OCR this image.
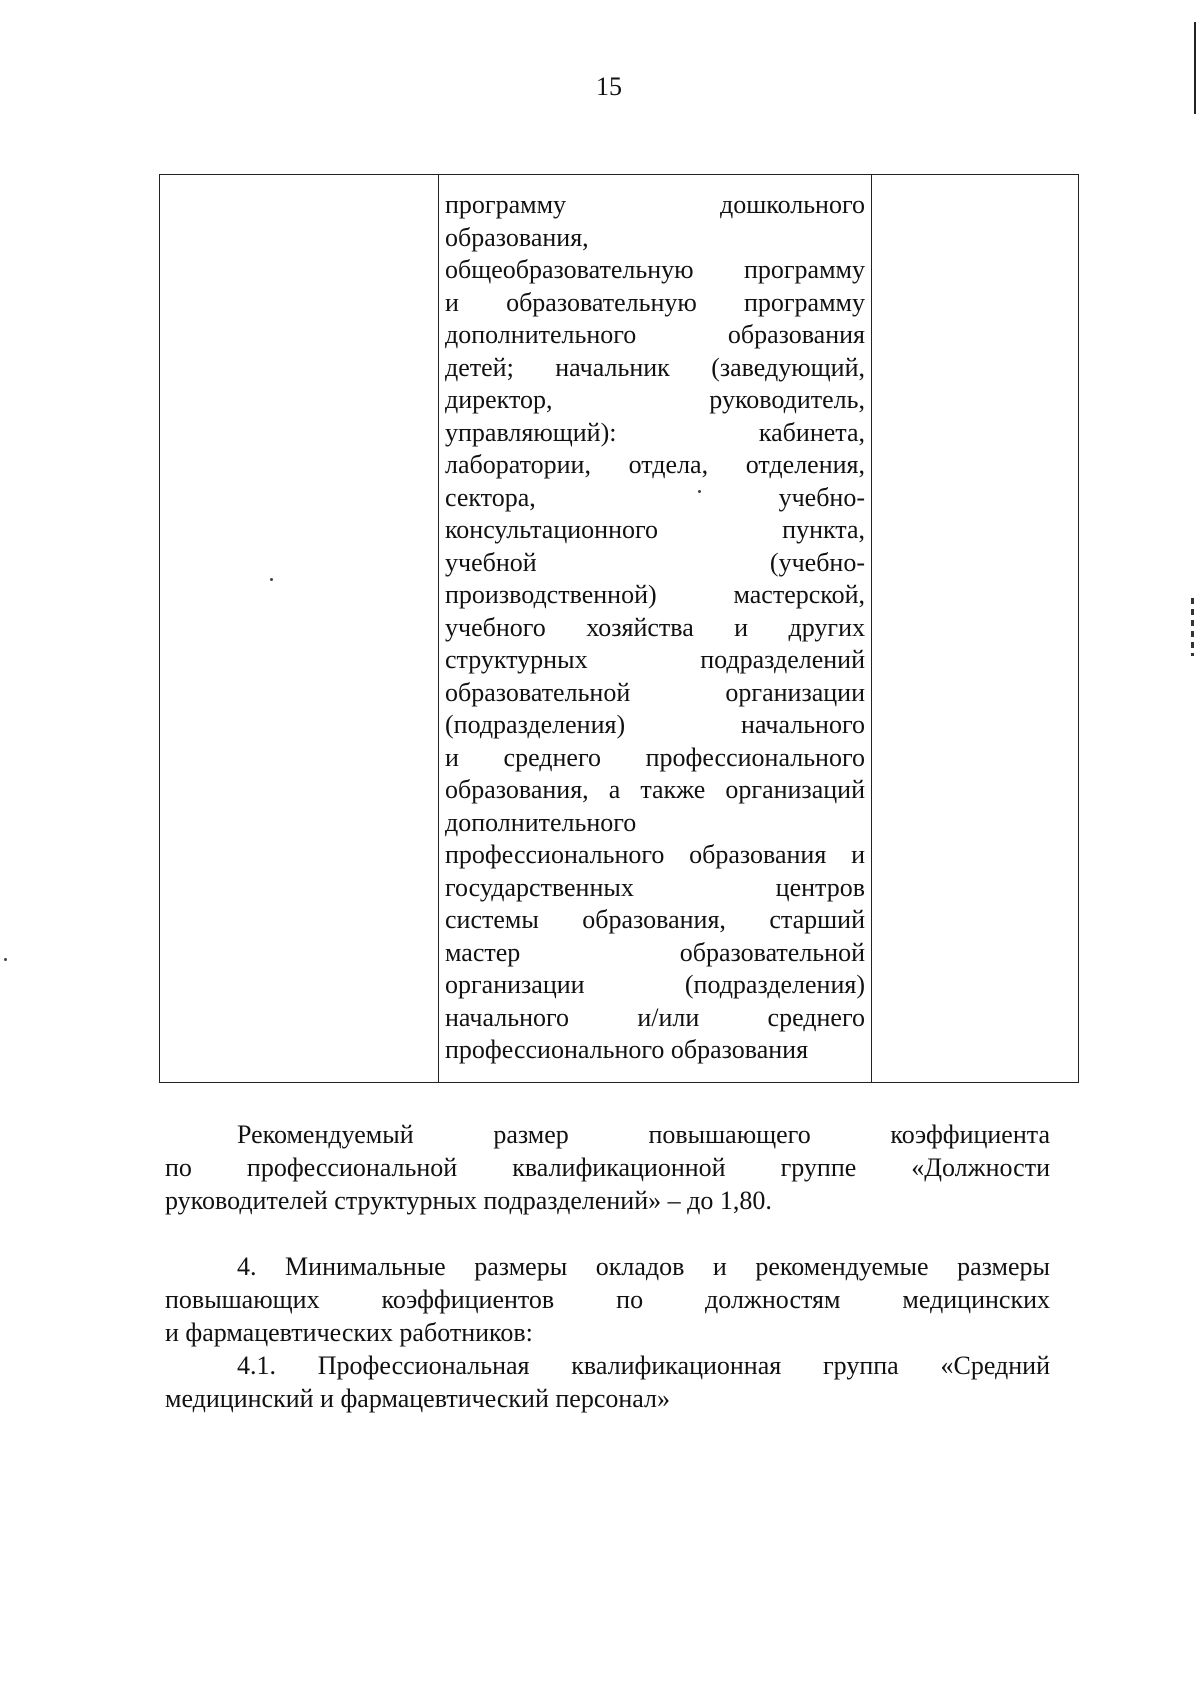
15

программу дошкольного
образования,
общеобразовательную программу
и образовательную программу
дополнительного образования
детей; начальник (заведующий,
директор, руководитель,
управляющий): кабинета,
лаборатории, отдела, отделения,
сектора, учебно-
консультационного пункта,
учебной (учебно-
производственной) мастерской,
учебного хозяйства и других
структурных подразделений
образовательной организации
(подразделения) начального
и среднего профессионального
образования, а также организаций
дополнительного
профессионального образования и
государственных центров
системы образования, старший
мастер образовательной
организации (подразделения)
начального и/или среднего
профессионального образования

Рекомендуемый размер повышающего коэффициента
по профессиональной квалификационной группе «Должности
руководителей структурных подразделений» – до 1,80.
4. Минимальные размеры окладов и рекомендуемые размеры
повышающих коэффициентов по должностям медицинских
и фармацевтических работников:
4.1. Профессиональная квалификационная группа «Средний
медицинский и фармацевтический персонал»
